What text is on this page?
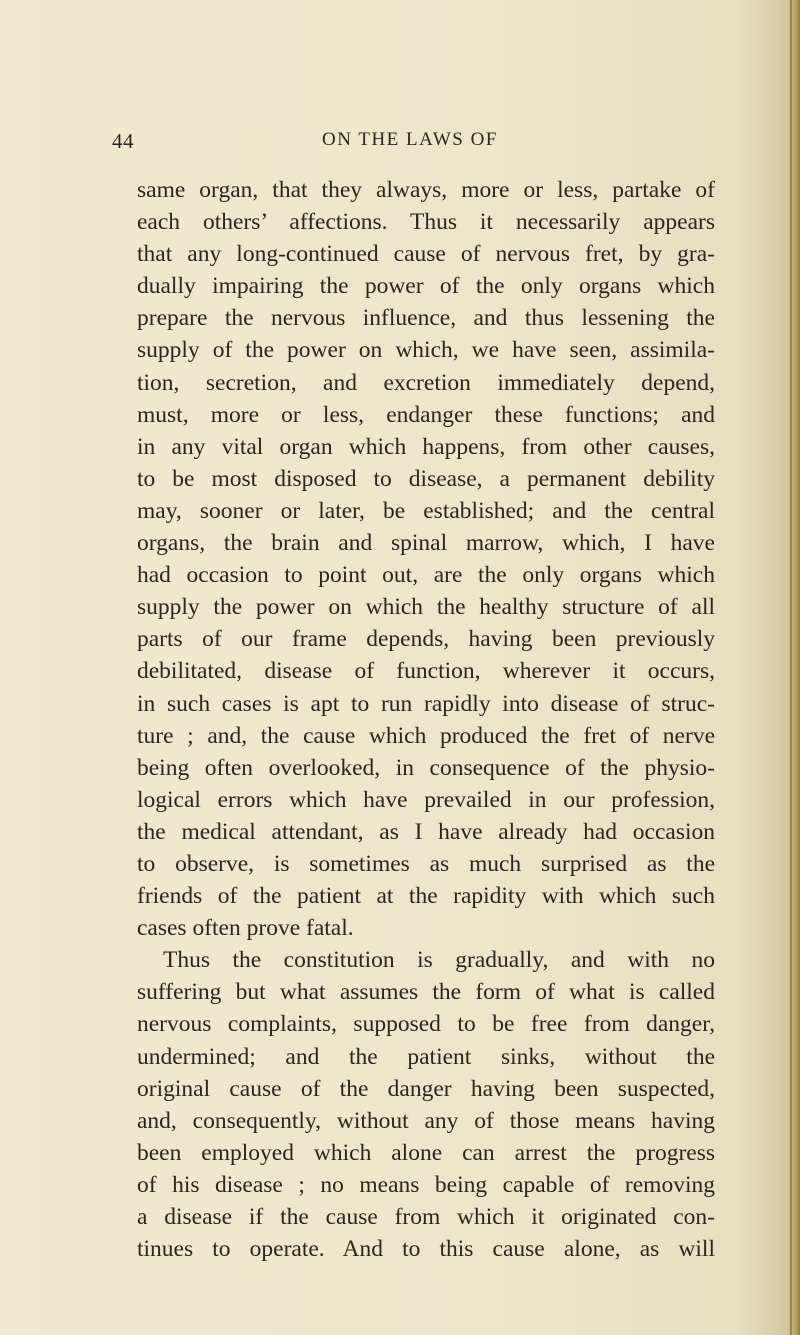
44	ON THE LAWS OF
same organ, that they always, more or less, partake of
each others’ affections. Thus it necessarily appears
that any long-continued cause of nervous fret, by gra-
dually impairing the power of the only organs which
prepare the nervous influence, and thus lessening the
supply of the power on which, we have seen, assimila-
tion, secretion, and excretion immediately depend,
must, more or less, endanger these functions; and
in any vital organ which happens, from other causes,
to be most disposed to disease, a permanent debility
may, sooner or later, be established; and the central
organs, the brain and spinal marrow, which, I have
had occasion to point out, are the only organs which
supply the power on which the healthy structure of all
parts of our frame depends, having been previously
debilitated, disease of function, wherever it occurs,
in such cases is apt to run rapidly into disease of struc-
ture ; and, the cause which produced the fret of nerve
being often overlooked, in consequence of the physio-
logical errors which have prevailed in our profession,
the medical attendant, as I have already had occasion
to observe, is sometimes as much surprised as the
friends of the patient at the rapidity with which such
cases often prove fatal.
Thus the constitution is gradually, and with no
suffering but what assumes the form of what is called
nervous complaints, supposed to be free from danger,
undermined; and the patient sinks, without the
original cause of the danger having been suspected,
and, consequently, without any of those means having
been employed which alone can arrest the progress
of his disease ; no means being capable of removing
a disease if the cause from which it originated con-
tinues to operate. And to this cause alone, as will
